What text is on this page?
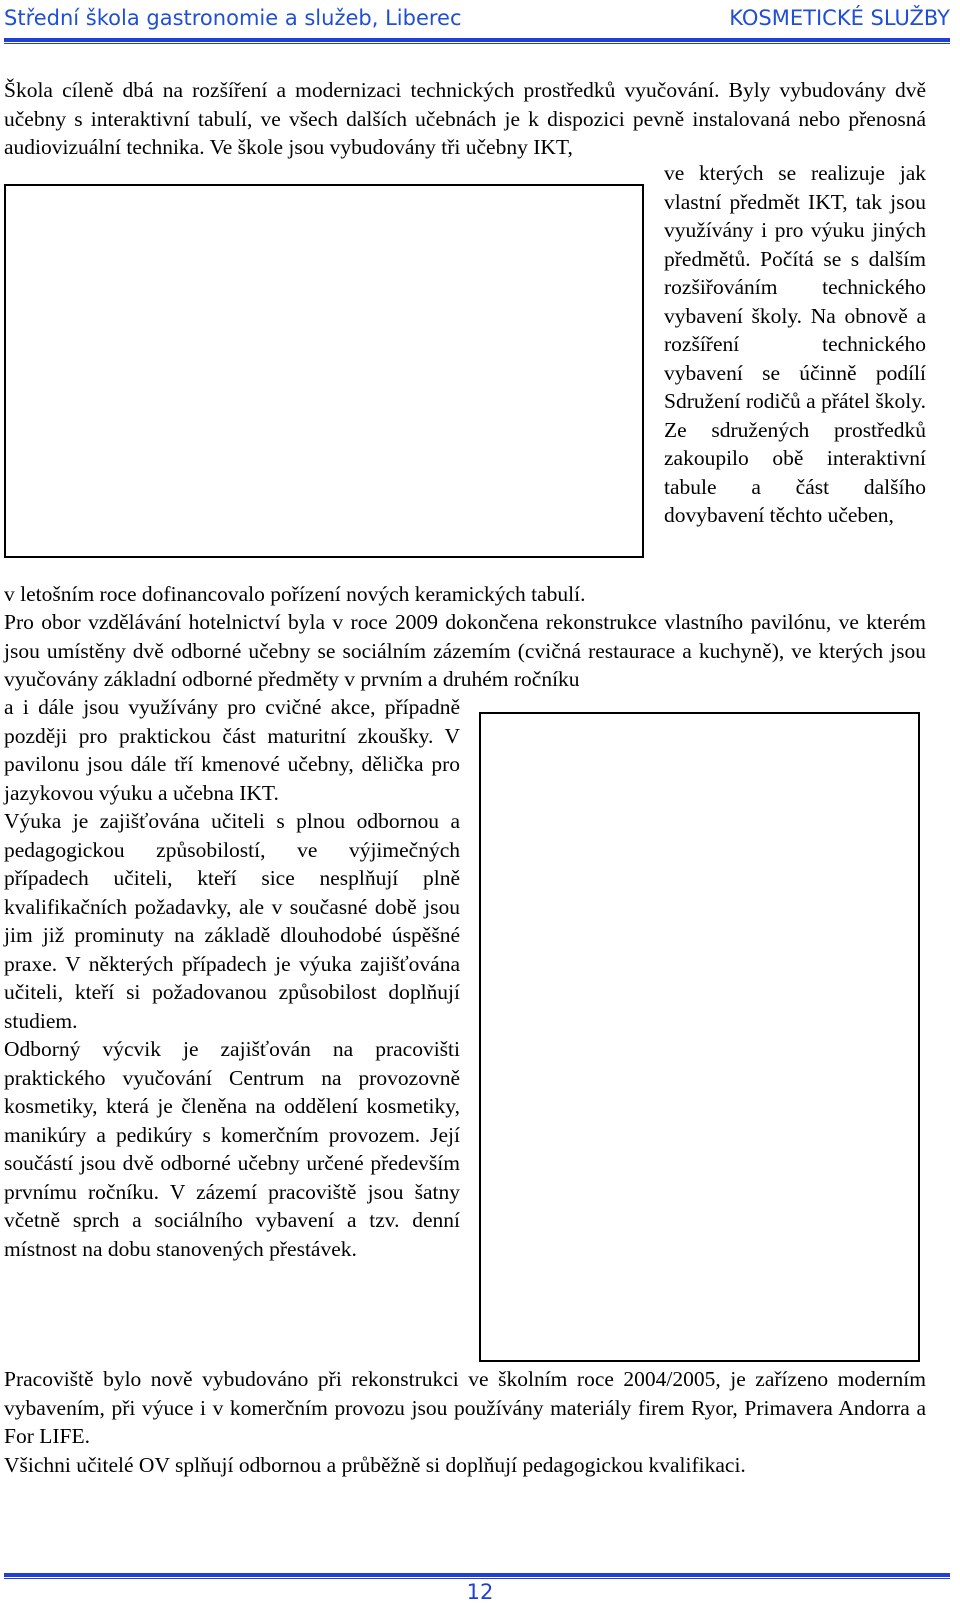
Střední škola gastronomie a služeb, Liberec	KOSMETICKÉ SLUŽBY

Škola cíleně dbá na rozšíření a modernizaci technických prostředků vyučování. Byly vybudovány dvě učebny s interaktivní tabulí, ve všech dalších učebnách je k dispozici pevně instalovaná nebo přenosná audiovizuální technika. Ve škole jsou vybudovány tři učebny IKT,

ve kterých se realizuje jak vlastní předmět IKT, tak jsou využívány i pro výuku jiných předmětů. Počítá se s dalším rozšiřováním technického vybavení školy. Na obnově a rozšíření technického vybavení se účinně podílí Sdružení rodičů a přátel školy. Ze sdružených prostředků zakoupilo obě interaktivní tabule a část dalšího dovybavení těchto učeben,

v letošním roce dofinancovalo pořízení nových keramických tabulí.

Pro obor vzdělávání hotelnictví byla v roce 2009 dokončena rekonstrukce vlastního pavilónu, ve kterém jsou umístěny dvě odborné učebny se sociálním zázemím (cvičná restaurace a kuchyně), ve kterých jsou vyučovány základní odborné předměty v prvním a druhém ročníku

a i dále jsou využívány pro cvičné akce, případně později pro praktickou část maturitní zkoušky. V pavilonu jsou dále tří kmenové učebny, dělička pro jazykovou výuku a učebna IKT.

Výuka je zajišťována učiteli s plnou odbornou a pedagogickou způsobilostí, ve výjimečných případech učiteli, kteří sice nesplňují plně kvalifikačních požadavky, ale v současné době jsou jim již prominuty na základě dlouhodobé úspěšné praxe. V některých případech je výuka zajišťována učiteli, kteří si požadovanou způsobilost doplňují studiem.

Odborný výcvik je zajišťován na pracovišti praktického vyučování Centrum na provozovně kosmetiky, která je členěna na oddělení kosmetiky, manikúry a pedikúry s komerčním provozem. Její součástí jsou dvě odborné učebny určené především prvnímu ročníku. V zázemí pracoviště jsou šatny včetně sprch a sociálního vybavení a tzv. denní místnost na dobu stanovených přestávek.

Pracoviště bylo nově vybudováno při rekonstrukci ve školním roce 2004/2005, je zařízeno moderním vybavením, při výuce i v komerčním provozu jsou používány materiály firem Ryor, Primavera Andorra a For LIFE.

Všichni učitelé OV splňují odbornou a průběžně si doplňují pedagogickou kvalifikaci.

12
